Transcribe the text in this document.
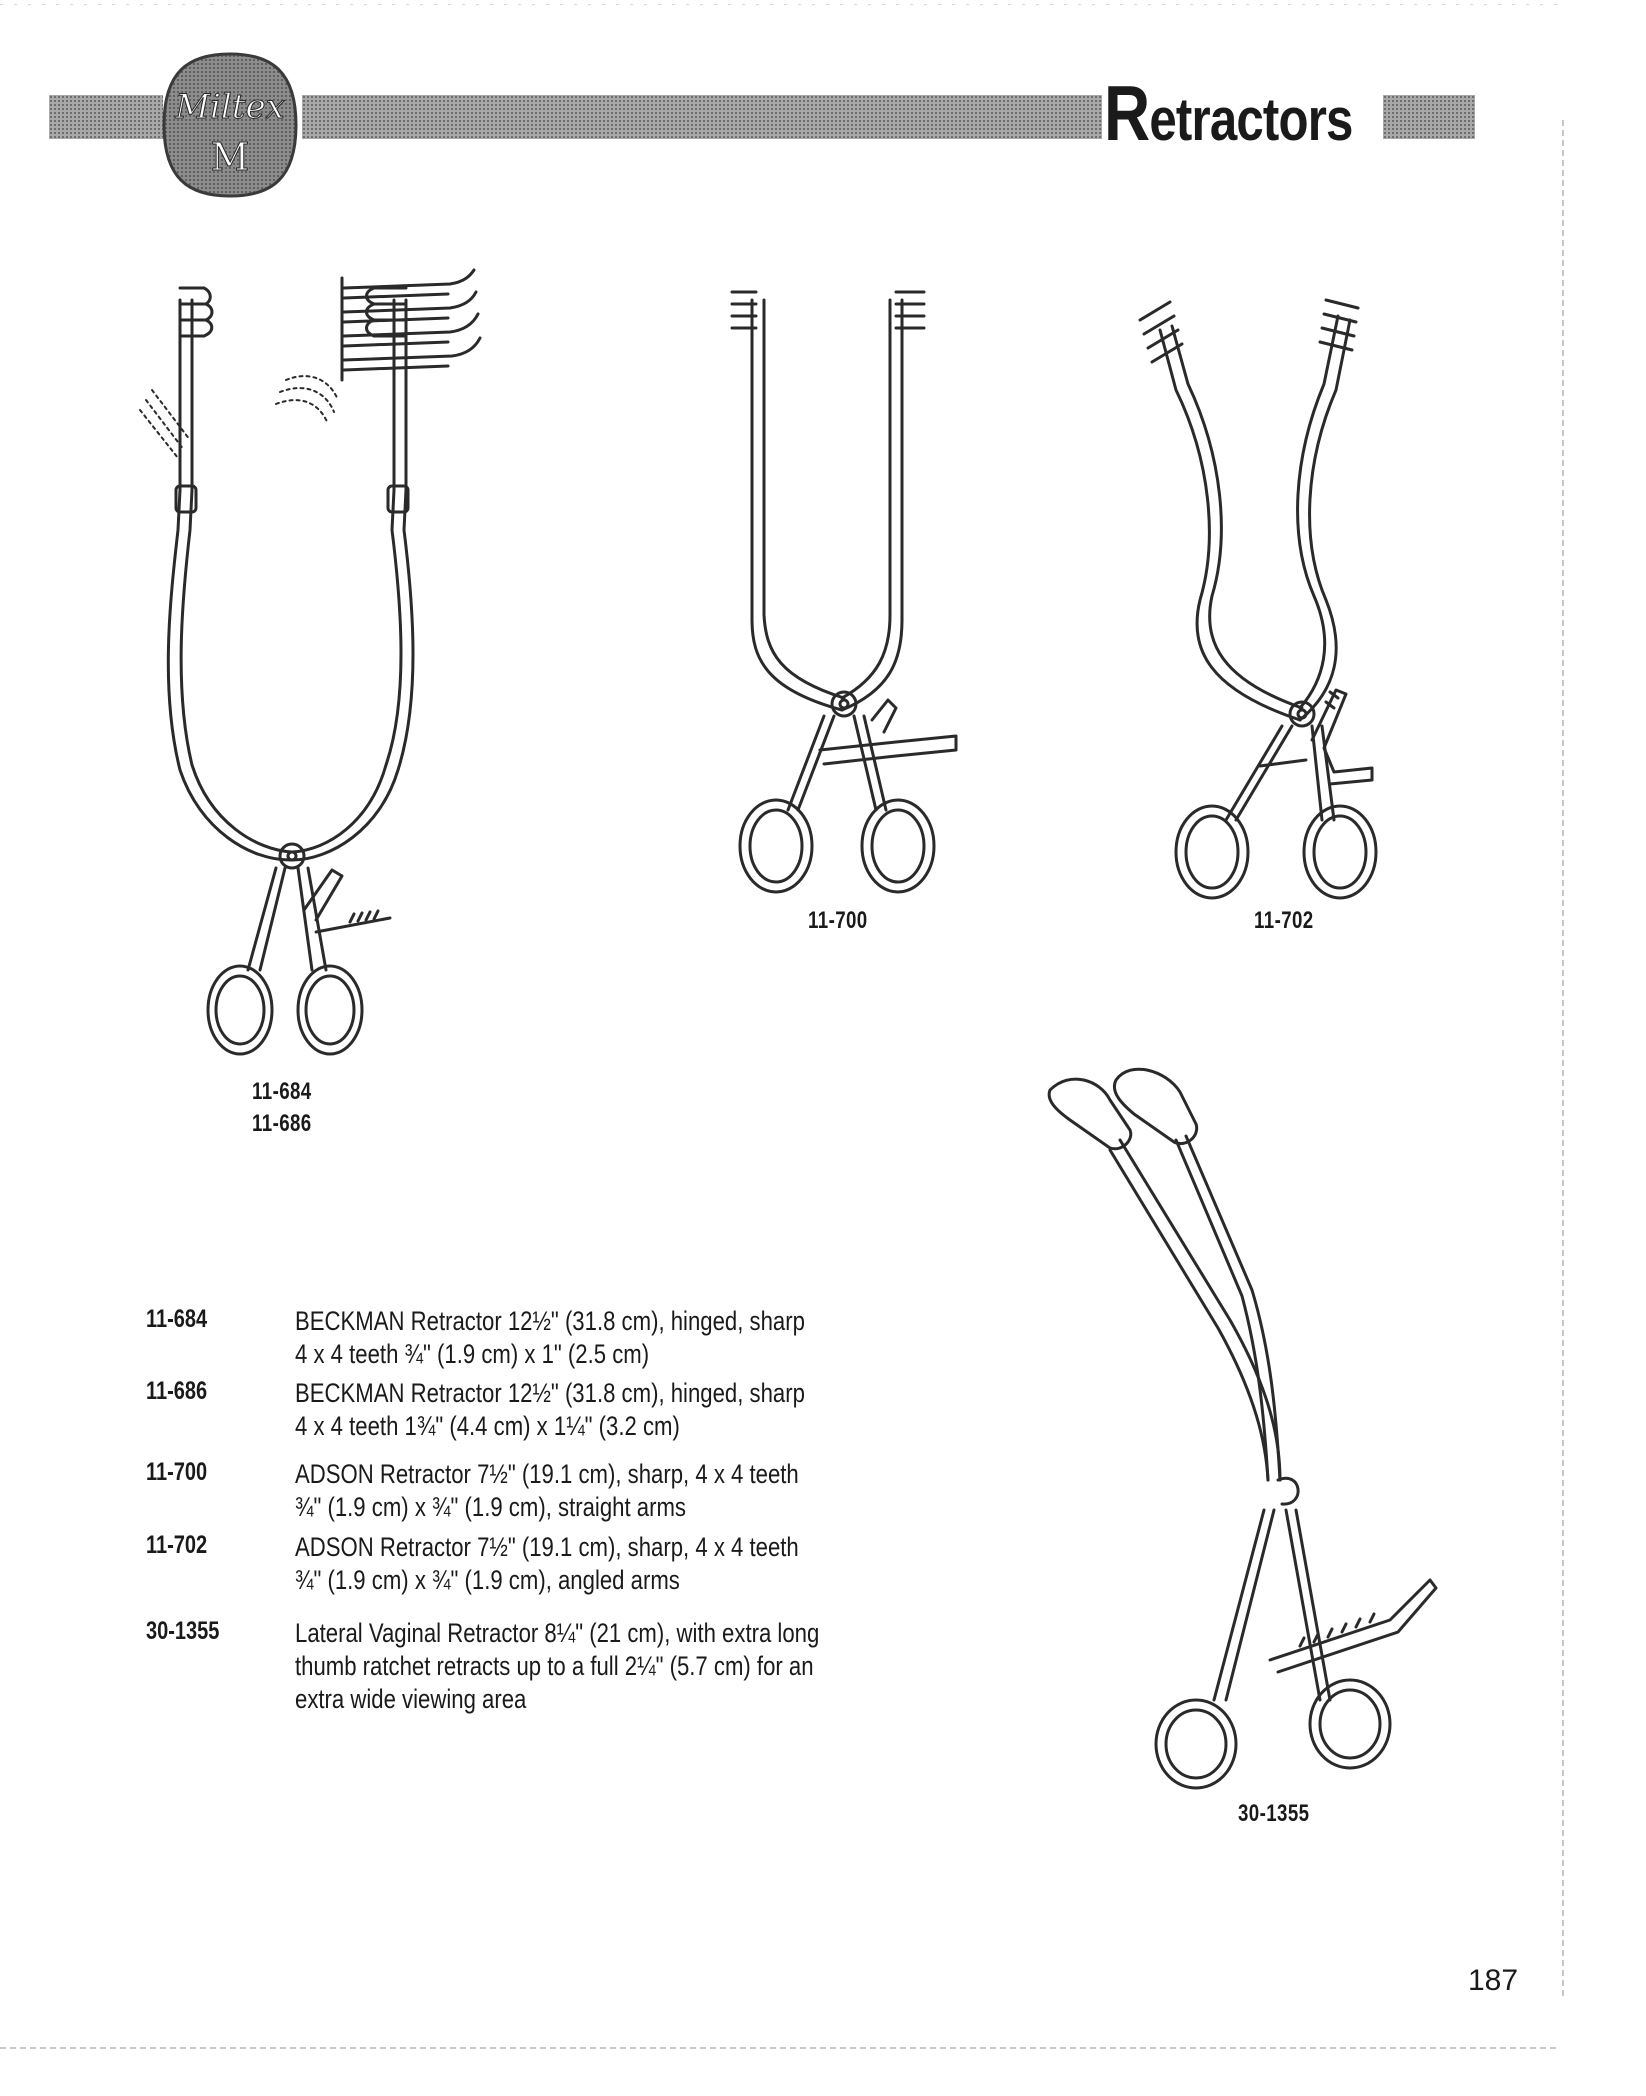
Miltex
M	Retractors
11-684
11-686
11-700	11-702
30-1355
11-684	BECKMAN Retractor 12½" (31.8 cm), hinged, sharp
4 x 4 teeth ¾" (1.9 cm) x 1" (2.5 cm)
11-686	BECKMAN Retractor 12½" (31.8 cm), hinged, sharp
4 x 4 teeth 1¾" (4.4 cm) x 1¼" (3.2 cm)
11-700	ADSON Retractor 7½" (19.1 cm), sharp, 4 x 4 teeth
¾" (1.9 cm) x ¾" (1.9 cm), straight arms
11-702	ADSON Retractor 7½" (19.1 cm), sharp, 4 x 4 teeth
¾" (1.9 cm) x ¾" (1.9 cm), angled arms
30-1355	Lateral Vaginal Retractor 8¼" (21 cm), with extra long
thumb ratchet retracts up to a full 2¼" (5.7 cm) for an
extra wide viewing area
187
